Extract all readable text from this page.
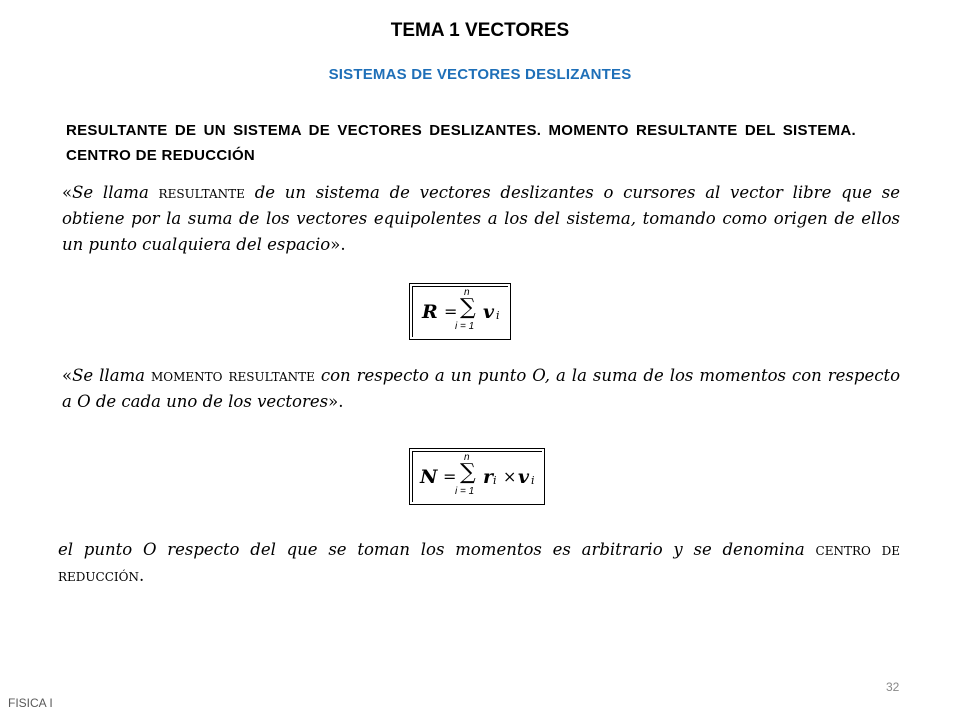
TEMA 1 VECTORES
SISTEMAS DE VECTORES DESLIZANTES
RESULTANTE DE UN SISTEMA DE VECTORES DESLIZANTES. MOMENTO RESULTANTE DEL SISTEMA. CENTRO DE REDUCCIÓN
«Se llama resultante de un sistema de vectores deslizantes o cursores al vector libre que se obtiene por la suma de los vectores equipolentes a los del sistema, tomando como origen de ellos un punto cualquiera del espacio».
R =
n
∑
i = 1
v i
«Se llama momento resultante con respecto a un punto O, a la suma de los momentos con respecto a O de cada uno de los vectores».
N =
n
∑
i = 1
r i × v i
el punto O respecto del que se toman los momentos es arbitrario y se denomina centro de reducción.
32
FISICA I
